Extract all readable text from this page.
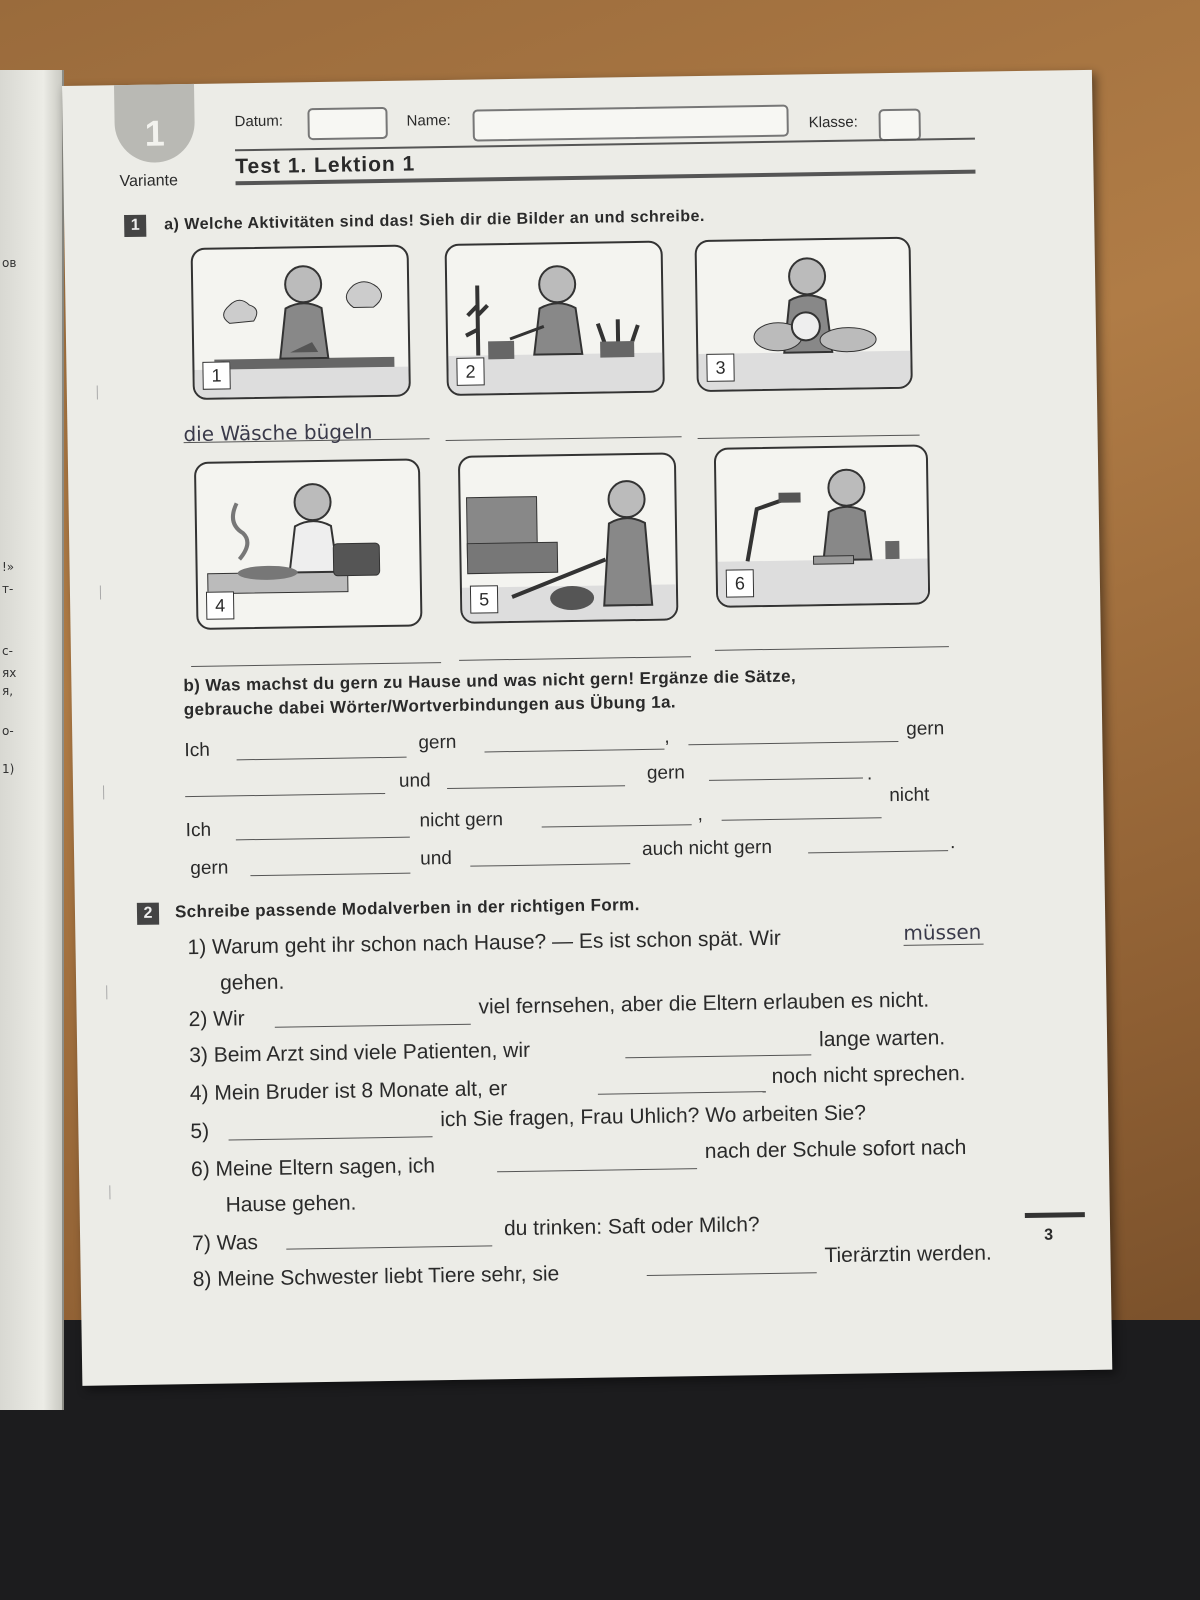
ов
!»
т-
с-
ях
я,
о-
1)
1
Variante
Datum:	Name:	Klasse:
Test 1. Lektion 1
1	a) Welche Aktivitäten sind das! Sieh dir die Bilder an und schreibe.
1	2	3
die Wäsche bügeln
4	5
6
b) Was machst du gern zu Hause und was nicht gern! Ergänze die Sätze,
gebrauche dabei Wörter/Wortverbindungen aus Übung 1a.
Ich	gern	,	gern
und	gern	.
nicht
Ich	nicht gern	,
gern	und	auch nicht gern	.
2	Schreibe passende Modalverben in der richtigen Form.
1) Warum geht ihr schon nach Hause? — Es ist schon spät. Wir	müssen
gehen.
2) Wir
viel fernsehen, aber die Eltern erlauben es nicht.
3) Beim Arzt sind viele Patienten, wir
lange warten.
4) Mein Bruder ist 8 Monate alt, er
noch nicht sprechen.
5)
ich Sie fragen, Frau Uhlich? Wo arbeiten Sie?
6) Meine Eltern sagen, ich
nach der Schule sofort nach
Hause gehen.
7) Was
du trinken: Saft oder Milch?
8) Meine Schwester liebt Tiere sehr, sie
Tierärztin werden.
3
